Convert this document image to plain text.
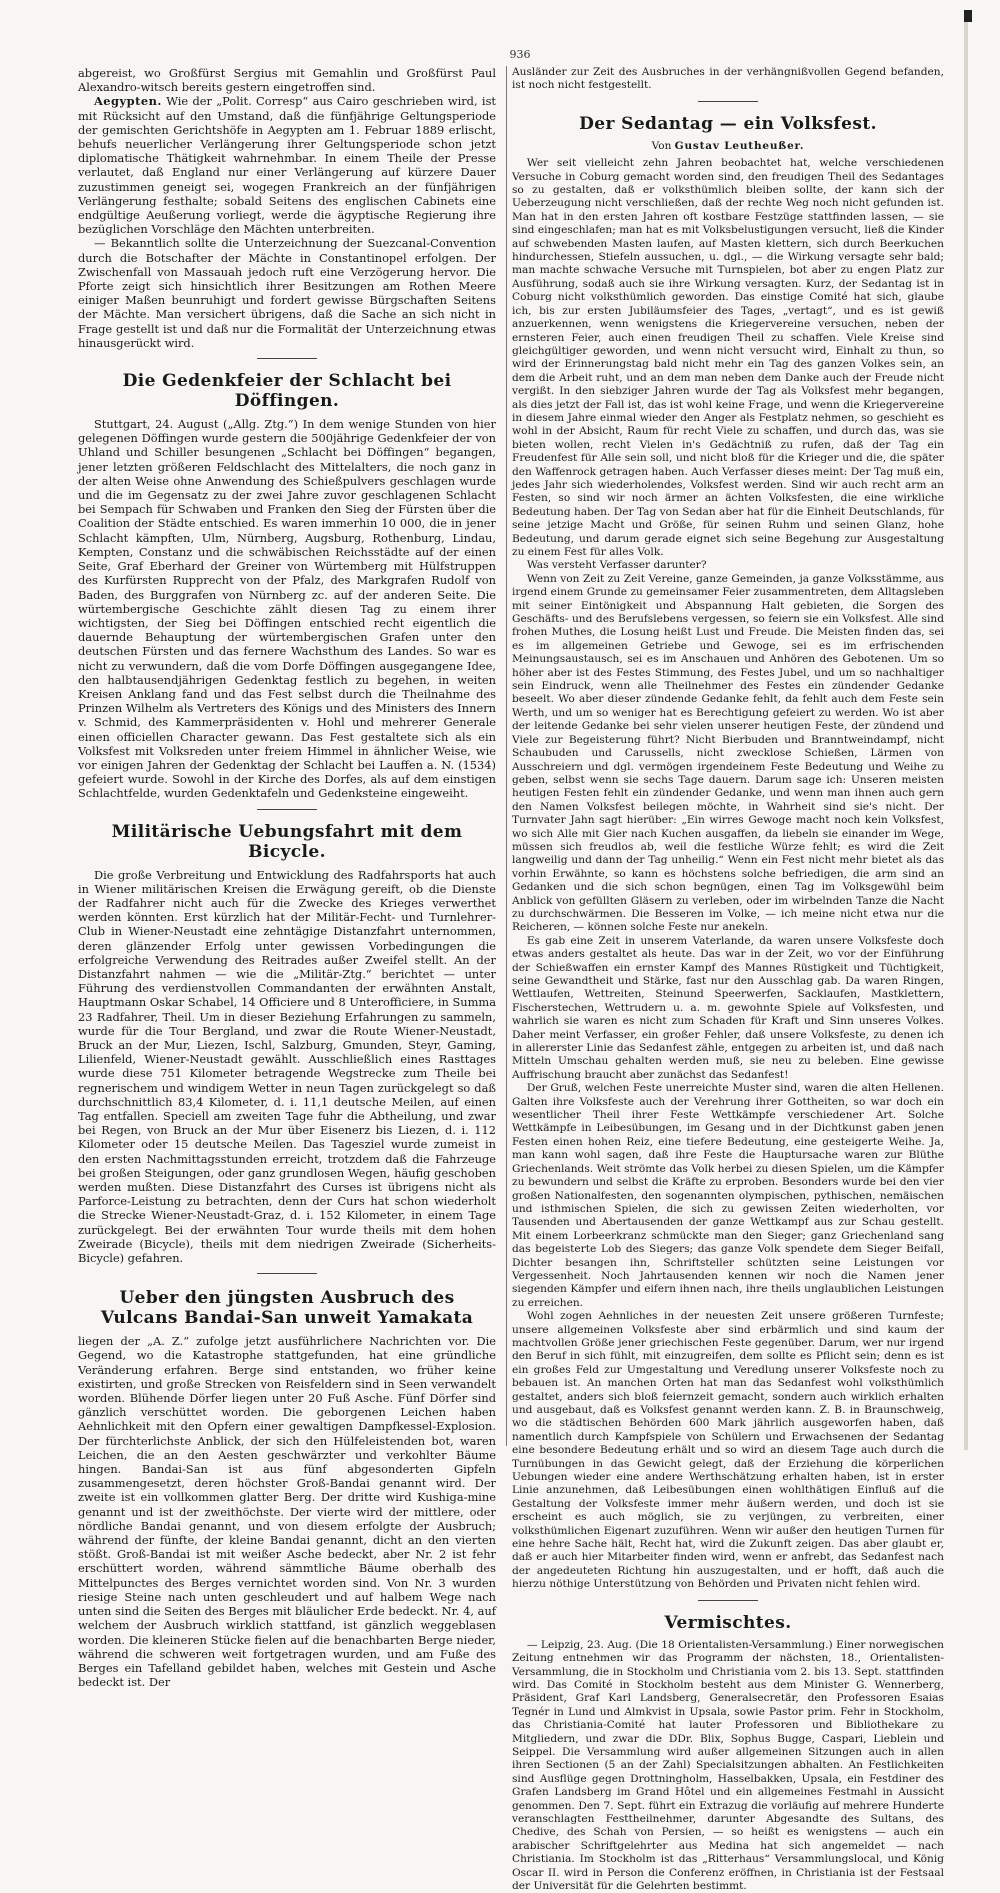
936

abgereist, wo Großfürst Sergius mit Gemahlin und Großfürst Paul Alexandro-witsch bereits gestern eingetroffen sind.

Aegypten. Wie der „Polit. Corresp“ aus Cairo geschrieben wird, ist mit Rücksicht auf den Umstand, daß die fünfjährige Geltungsperiode der gemischten Gerichtshöfe in Aegypten am 1. Februar 1889 erlischt, behufs neuerlicher Verlängerung ihrer Geltungsperiode schon jetzt diplomatische Thätigkeit wahrnehmbar. In einem Theile der Presse verlautet, daß England nur einer Verlängerung auf kürzere Dauer zuzustimmen geneigt sei, wogegen Frankreich an der fünfjährigen Verlängerung festhalte; sobald Seitens des englischen Cabinets eine endgültige Aeußerung vorliegt, werde die ägyptische Regierung ihre bezüglichen Vorschläge den Mächten unterbreiten.

— Bekanntlich sollte die Unterzeichnung der Suezcanal-Convention durch die Botschafter der Mächte in Constantinopel erfolgen. Der Zwischenfall von Massauah jedoch ruft eine Verzögerung hervor. Die Pforte zeigt sich hinsichtlich ihrer Besitzungen am Rothen Meere einiger Maßen beunruhigt und fordert gewisse Bürgschaften Seitens der Mächte. Man versichert übrigens, daß die Sache an sich nicht in Frage gestellt ist und daß nur die Formalität der Unterzeichnung etwas hinausgerückt wird.

Die Gedenkfeier der Schlacht bei Döffingen.

Stuttgart, 24. August („Allg. Ztg.“) In dem wenige Stunden von hier gelegenen Döffingen wurde gestern die 500jährige Gedenkfeier der von Uhland und Schiller besungenen „Schlacht bei Döffingen“ begangen, jener letzten größeren Feldschlacht des Mittelalters, die noch ganz in der alten Weise ohne Anwendung des Schießpulvers geschlagen wurde und die im Gegensatz zu der zwei Jahre zuvor geschlagenen Schlacht bei Sempach für Schwaben und Franken den Sieg der Fürsten über die Coalition der Städte entschied. Es waren immerhin 10 000, die in jener Schlacht kämpften, Ulm, Nürnberg, Augsburg, Rothenburg, Lindau, Kempten, Constanz und die schwäbischen Reichsstädte auf der einen Seite, Graf Eberhard der Greiner von Würtemberg mit Hülfstruppen des Kurfürsten Rupprecht von der Pfalz, des Markgrafen Rudolf von Baden, des Burggrafen von Nürnberg zc. auf der anderen Seite. Die würtembergische Geschichte zählt diesen Tag zu einem ihrer wichtigsten, der Sieg bei Döffingen entschied recht eigentlich die dauernde Behauptung der würtembergischen Grafen unter den deutschen Fürsten und das fernere Wachsthum des Landes. So war es nicht zu verwundern, daß die vom Dorfe Döffingen ausgegangene Idee, den halbtausendjährigen Gedenktag festlich zu begehen, in weiten Kreisen Anklang fand und das Fest selbst durch die Theilnahme des Prinzen Wilhelm als Vertreters des Königs und des Ministers des Innern v. Schmid, des Kammerpräsidenten v. Hohl und mehrerer Generale einen officiellen Character gewann. Das Fest gestaltete sich als ein Volksfest mit Volksreden unter freiem Himmel in ähnlicher Weise, wie vor einigen Jahren der Gedenktag der Schlacht bei Lauffen a. N. (1534) gefeiert wurde. Sowohl in der Kirche des Dorfes, als auf dem einstigen Schlachtfelde, wurden Gedenktafeln und Gedenksteine eingeweiht.

Militärische Uebungsfahrt mit dem Bicycle.

Die große Verbreitung und Entwicklung des Radfahrsports hat auch in Wiener militärischen Kreisen die Erwägung gereift, ob die Dienste der Radfahrer nicht auch für die Zwecke des Krieges verwerthet werden könnten. Erst kürzlich hat der Militär-Fecht- und Turnlehrer-Club in Wiener-Neustadt eine zehntägige Distanzfahrt unternommen, deren glänzender Erfolg unter gewissen Vorbedingungen die erfolgreiche Verwendung des Reitrades außer Zweifel stellt. An der Distanzfahrt nahmen — wie die „Militär-Ztg.“ berichtet — unter Führung des verdienstvollen Commandanten der erwähnten Anstalt, Hauptmann Oskar Schabel, 14 Officiere und 8 Unterofficiere, in Summa 23 Radfahrer, Theil. Um in dieser Beziehung Erfahrungen zu sammeln, wurde für die Tour Bergland, und zwar die Route Wiener-Neustadt, Bruck an der Mur, Liezen, Ischl, Salzburg, Gmunden, Steyr, Gaming, Lilienfeld, Wiener-Neustadt gewählt. Ausschließlich eines Rasttages wurde diese 751 Kilometer betragende Wegstrecke zum Theile bei regnerischem und windigem Wetter in neun Tagen zurückgelegt so daß durchschnittlich 83,4 Kilometer, d. i. 11,1 deutsche Meilen, auf einen Tag entfallen. Speciell am zweiten Tage fuhr die Abtheilung, und zwar bei Regen, von Bruck an der Mur über Eisenerz bis Liezen, d. i. 112 Kilometer oder 15 deutsche Meilen. Das Tagesziel wurde zumeist in den ersten Nachmittagsstunden erreicht, trotzdem daß die Fahrzeuge bei großen Steigungen, oder ganz grundlosen Wegen, häufig geschoben werden mußten. Diese Distanzfahrt des Curses ist übrigens nicht als Parforce-Leistung zu betrachten, denn der Curs hat schon wiederholt die Strecke Wiener-Neustadt-Graz, d. i. 152 Kilometer, in einem Tage zurückgelegt. Bei der erwähnten Tour wurde theils mit dem hohen Zweirade (Bicycle), theils mit dem niedrigen Zweirade (Sicherheits-Bicycle) gefahren.

Ueber den jüngsten Ausbruch des Vulcans Bandai-San unweit Yamakata

liegen der „A. Z.“ zufolge jetzt ausführlichere Nachrichten vor. Die Gegend, wo die Katastrophe stattgefunden, hat eine gründliche Veränderung erfahren. Berge sind entstanden, wo früher keine existirten, und große Strecken von Reisfeldern sind in Seen verwandelt worden. Blühende Dörfer liegen unter 20 Fuß Asche. Fünf Dörfer sind gänzlich verschüttet worden. Die geborgenen Leichen haben Aehnlichkeit mit den Opfern einer gewaltigen Dampfkessel-Explosion. Der fürchterlichste Anblick, der sich den Hülfeleistenden bot, waren Leichen, die an den Aesten geschwärzter und verkohlter Bäume hingen. Bandai-San ist aus fünf abgesonderten Gipfeln zusammengesetzt, deren höchster Groß-Bandai genannt wird. Der zweite ist ein vollkommen glatter Berg. Der dritte wird Kushiga-mine genannt und ist der zweithöchste. Der vierte wird der mittlere, oder nördliche Bandai genannt, und von diesem erfolgte der Ausbruch; während der fünfte, der kleine Bandai genannt, dicht an den vierten stößt. Groß-Bandai ist mit weißer Asche bedeckt, aber Nr. 2 ist fehr erschüttert worden, während sämmtliche Bäume oberhalb des Mittelpunctes des Berges vernichtet worden sind. Von Nr. 3 wurden riesige Steine nach unten geschleudert und auf halbem Wege nach unten sind die Seiten des Berges mit bläulicher Erde bedeckt. Nr. 4, auf welchem der Ausbruch wirklich stattfand, ist gänzlich weggeblasen worden. Die kleineren Stücke fielen auf die benachbarten Berge nieder, während die schweren weit fortgetragen wurden, und am Fuße des Berges ein Tafelland gebildet haben, welches mit Gestein und Asche bedeckt ist. Der

Ausländer zur Zeit des Ausbruches in der verhängnißvollen Gegend befanden, ist noch nicht festgestellt.

Der Sedantag — ein Volksfest.
Von Gustav Leutheußer.

Wer seit vielleicht zehn Jahren beobachtet hat, welche verschiedenen Versuche in Coburg gemacht worden sind, den freudigen Theil des Sedantages so zu gestalten, daß er volksthümlich bleiben sollte, der kann sich der Ueberzeugung nicht verschließen, daß der rechte Weg noch nicht gefunden ist. Man hat in den ersten Jahren oft kostbare Festzüge stattfinden lassen, — sie sind eingeschlafen; man hat es mit Volksbelustigungen versucht, ließ die Kinder auf schwebenden Masten laufen, auf Masten klettern, sich durch Beerkuchen hindurchessen, Stiefeln aussuchen, u. dgl., — die Wirkung versagte sehr bald; man machte schwache Versuche mit Turnspielen, bot aber zu engen Platz zur Ausführung, sodaß auch sie ihre Wirkung versagten. Kurz, der Sedantag ist in Coburg nicht volksthümlich geworden. Das einstige Comité hat sich, glaube ich, bis zur ersten Jubiläumsfeier des Tages, „vertagt“, und es ist gewiß anzuerkennen, wenn wenigstens die Kriegervereine versuchen, neben der ernsteren Feier, auch einen freudigen Theil zu schaffen. Viele Kreise sind gleichgültiger geworden, und wenn nicht versucht wird, Einhalt zu thun, so wird der Erinnerungstag bald nicht mehr ein Tag des ganzen Volkes sein, an dem die Arbeit ruht, und an dem man neben dem Danke auch der Freude nicht vergißt. In den siebziger Jahren wurde der Tag als Volksfest mehr begangen, als dies jetzt der Fall ist, das ist wohl keine Frage, und wenn die Kriegervereine in diesem Jahre einmal wieder den Anger als Festplatz nehmen, so geschieht es wohl in der Absicht, Raum für recht Viele zu schaffen, und durch das, was sie bieten wollen, recht Vielen in's Gedächtniß zu rufen, daß der Tag ein Freudenfest für Alle sein soll, und nicht bloß für die Krieger und die, die später den Waffenrock getragen haben. Auch Verfasser dieses meint: Der Tag muß ein, jedes Jahr sich wiederholendes, Volksfest werden. Sind wir auch recht arm an Festen, so sind wir noch ärmer an ächten Volksfesten, die eine wirkliche Bedeutung haben. Der Tag von Sedan aber hat für die Einheit Deutschlands, für seine jetzige Macht und Größe, für seinen Ruhm und seinen Glanz, hohe Bedeutung, und darum gerade eignet sich seine Begehung zur Ausgestaltung zu einem Fest für alles Volk.

Was versteht Verfasser darunter?

Wenn von Zeit zu Zeit Vereine, ganze Gemeinden, ja ganze Volksstämme, aus irgend einem Grunde zu gemeinsamer Feier zusammentreten, dem Alltagsleben mit seiner Eintönigkeit und Abspannung Halt gebieten, die Sorgen des Geschäfts- und des Berufslebens vergessen, so feiern sie ein Volksfest. Alle sind frohen Muthes, die Losung heißt Lust und Freude. Die Meisten finden das, sei es im allgemeinen Getriebe und Gewoge, sei es im erfrischenden Meinungsaustausch, sei es im Anschauen und Anhören des Gebotenen. Um so höher aber ist des Festes Stimmung, des Festes Jubel, und um so nachhaltiger sein Eindruck, wenn alle Theilnehmer des Festes ein zündender Gedanke beseelt. Wo aber dieser zündende Gedanke fehlt, da fehlt auch dem Feste sein Werth, und um so weniger hat es Berechtigung gefeiert zu werden. Wo ist aber der leitende Gedanke bei sehr vielen unserer heutigen Feste, der zündend und Viele zur Begeisterung führt? Nicht Bierbuden und Branntweindampf, nicht Schaubuden und Carussells, nicht zwecklose Schießen, Lärmen von Ausschreiern und dgl. vermögen irgendeinem Feste Bedeutung und Weihe zu geben, selbst wenn sie sechs Tage dauern. Darum sage ich: Unseren meisten heutigen Festen fehlt ein zündender Gedanke, und wenn man ihnen auch gern den Namen Volksfest beilegen möchte, in Wahrheit sind sie's nicht. Der Turnvater Jahn sagt hierüber: „Ein wirres Gewoge macht noch kein Volksfest, wo sich Alle mit Gier nach Kuchen ausgaffen, da liebeln sie einander im Wege, müssen sich freudlos ab, weil die festliche Würze fehlt; es wird die Zeit langweilig und dann der Tag unheilig.“ Wenn ein Fest nicht mehr bietet als das vorhin Erwähnte, so kann es höchstens solche befriedigen, die arm sind an Gedanken und die sich schon begnügen, einen Tag im Volksgewühl beim Anblick von gefüllten Gläsern zu verleben, oder im wirbelnden Tanze die Nacht zu durchschwärmen. Die Besseren im Volke, — ich meine nicht etwa nur die Reicheren, — können solche Feste nur anekeln.

Es gab eine Zeit in unserem Vaterlande, da waren unsere Volksfeste doch etwas anders gestaltet als heute. Das war in der Zeit, wo vor der Einführung der Schießwaffen ein ernster Kampf des Mannes Rüstigkeit und Tüchtigkeit, seine Gewandtheit und Stärke, fast nur den Ausschlag gab. Da waren Ringen, Wettlaufen, Wettreiten, Steinund Speerwerfen, Sacklaufen, Mastklettern, Fischerstechen, Wettrudern u. a. m. gewohnte Spiele auf Volksfesten, und wahrlich sie waren es nicht zum Schaden für Kraft und Sinn unseres Volkes. Daher meint Verfasser, ein großer Fehler, daß unsere Volksfeste, zu denen ich in allererster Linie das Sedanfest zähle, entgegen zu arbeiten ist, und daß nach Mitteln Umschau gehalten werden muß, sie neu zu beleben. Eine gewisse Auffrischung braucht aber zunächst das Sedanfest!

Der Gruß, welchen Feste unerreichte Muster sind, waren die alten Hellenen. Galten ihre Volksfeste auch der Verehrung ihrer Gottheiten, so war doch ein wesentlicher Theil ihrer Feste Wettkämpfe verschiedener Art. Solche Wettkämpfe in Leibesübungen, im Gesang und in der Dichtkunst gaben jenen Festen einen hohen Reiz, eine tiefere Bedeutung, eine gesteigerte Weihe. Ja, man kann wohl sagen, daß ihre Feste die Hauptursache waren zur Blüthe Griechenlands. Weit strömte das Volk herbei zu diesen Spielen, um die Kämpfer zu bewundern und selbst die Kräfte zu erproben. Besonders wurde bei den vier großen Nationalfesten, den sogenannten olympischen, pythischen, nemäischen und isthmischen Spielen, die sich zu gewissen Zeiten wiederholten, vor Tausenden und Abertausenden der ganze Wettkampf aus zur Schau gestellt. Mit einem Lorbeerkranz schmückte man den Sieger; ganz Griechenland sang das begeisterte Lob des Siegers; das ganze Volk spendete dem Sieger Beifall, Dichter besangen ihn, Schriftsteller schützten seine Leistungen vor Vergessenheit. Noch Jahrtausenden kennen wir noch die Namen jener siegenden Kämpfer und eifern ihnen nach, ihre theils unglaublichen Leistungen zu erreichen.

Wohl zogen Aehnliches in der neuesten Zeit unsere größeren Turnfeste; unsere allgemeinen Volksfeste aber sind erbärmlich und sind kaum der machtvollen Größe jener griechischen Feste gegenüber. Darum, wer nur irgend den Beruf in sich fühlt, mit einzugreifen, dem sollte es Pflicht sein; denn es ist ein großes Feld zur Umgestaltung und Veredlung unserer Volksfeste noch zu bebauen ist. An manchen Orten hat man das Sedanfest wohl volksthümlich gestaltet, anders sich bloß feiernzeit gemacht, sondern auch wirklich erhalten und ausgebaut, daß es Volksfest genannt werden kann. Z. B. in Braunschweig, wo die städtischen Behörden 600 Mark jährlich ausgeworfen haben, daß namentlich durch Kampfspiele von Schülern und Erwachsenen der Sedantag eine besondere Bedeutung erhält und so wird an diesem Tage auch durch die Turnübungen in das Gewicht gelegt, daß der Erziehung die körperlichen Uebungen wieder eine andere Werthschätzung erhalten haben, ist in erster Linie anzunehmen, daß Leibesübungen einen wohlthätigen Einfluß auf die Gestaltung der Volksfeste immer mehr äußern werden, und doch ist sie erscheint es auch möglich, sie zu verjüngen, zu verbreiten, einer volksthümlichen Eigenart zuzuführen. Wenn wir außer den heutigen Turnen für eine hehre Sache hält, Recht hat, wird die Zukunft zeigen. Das aber glaubt er, daß er auch hier Mitarbeiter finden wird, wenn er anfrebt, das Sedanfest nach der angedeuteten Richtung hin auszugestalten, und er hofft, daß auch die hierzu nöthige Unterstützung von Behörden und Privaten nicht fehlen wird.

Vermischtes.

— Leipzig, 23. Aug. (Die 18 Orientalisten-Versammlung.) Einer norwegischen Zeitung entnehmen wir das Programm der nächsten, 18., Orientalisten-Versammlung, die in Stockholm und Christiania vom 2. bis 13. Sept. stattfinden wird. Das Comité in Stockholm besteht aus dem Minister G. Wennerberg, Präsident, Graf Karl Landsberg, Generalsecretär, den Professoren Esaias Tegnér in Lund und Almkvist in Upsala, sowie Pastor prim. Fehr in Stockholm, das Christiania-Comité hat lauter Professoren und Bibliothekare zu Mitgliedern, und zwar die DDr. Blix, Sophus Bugge, Caspari, Lieblein und Seippel. Die Versammlung wird außer allgemeinen Sitzungen auch in allen ihren Sectionen (5 an der Zahl) Specialsitzungen abhalten. An Festlichkeiten sind Ausflüge gegen Drottningholm, Hasselbakken, Upsala, ein Festdiner des Grafen Landsberg im Grand Hôtel und ein allgemeines Festmahl in Aussicht genommen. Den 7. Sept. führt ein Extrazug die vorläufig auf mehrere Hunderte veranschlagten Festtheilnehmer, darunter Abgesandte des Sultans, des Chedive, des Schah von Persien, — so heißt es wenigstens — auch ein arabischer Schriftgelehrter aus Medina hat sich angemeldet — nach Christiania. Im Stockholm ist das „Ritterhaus“ Versammlungslocal, und König Oscar II. wird in Person die Conferenz eröffnen, in Christiania ist der Festsaal der Universität für die Gelehrten bestimmt.
